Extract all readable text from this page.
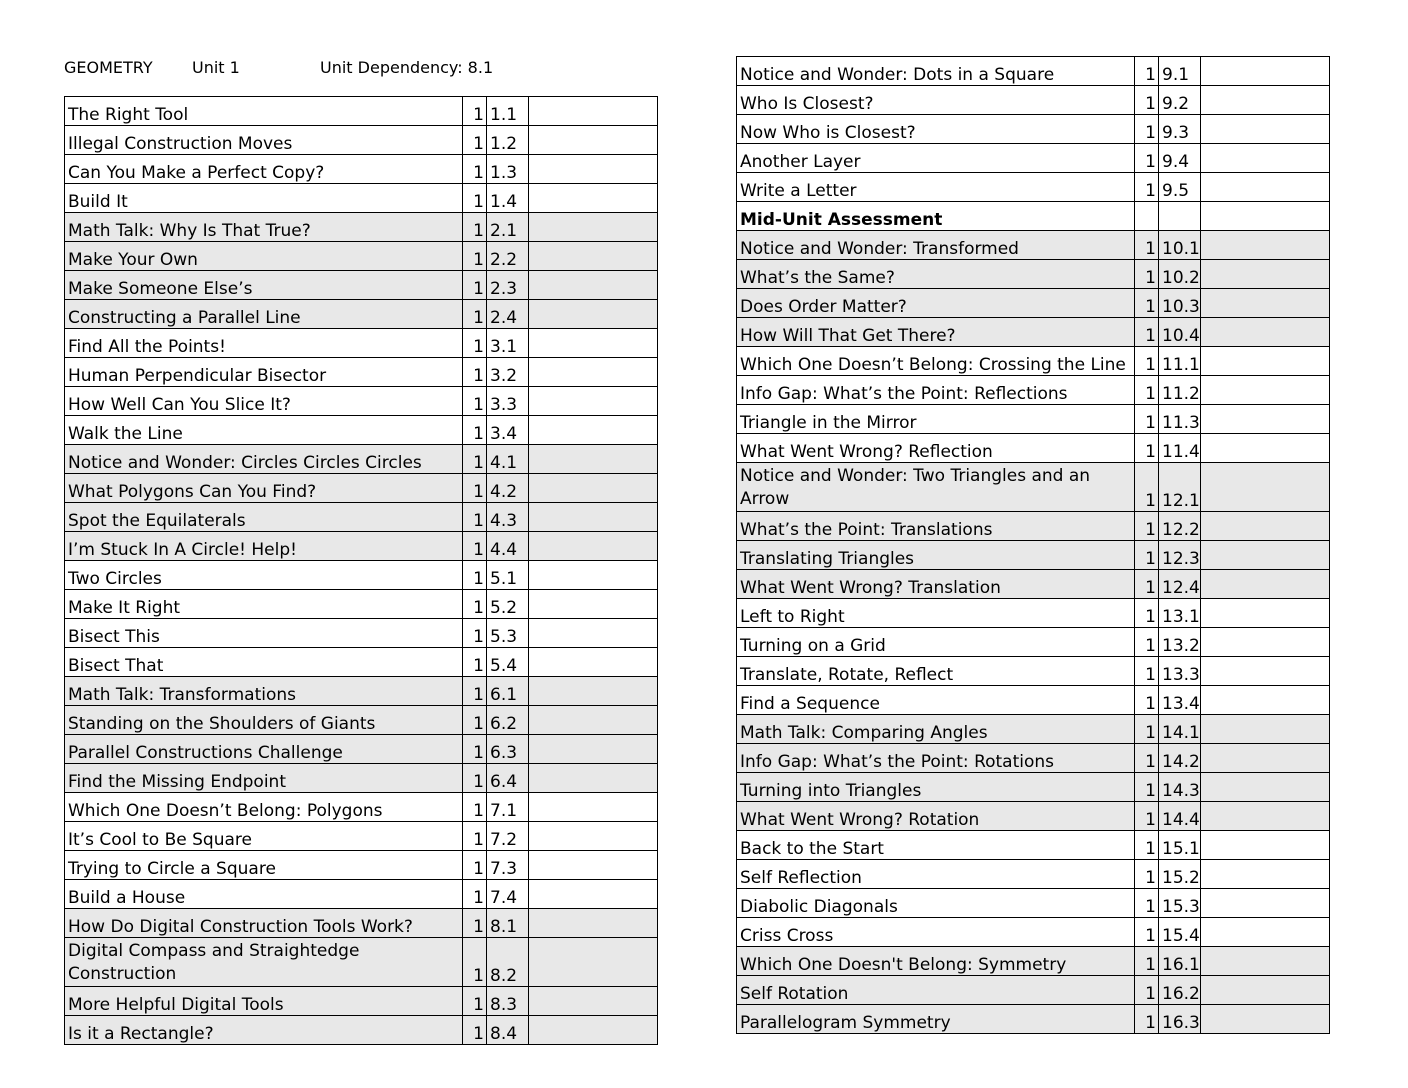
GEOMETRY Unit 1	Unit Dependency: 8.1
The Right Tool	1	1.1	
Illegal Construction Moves	1	1.2	
Can You Make a Perfect Copy?	1	1.3	
Build It	1	1.4	
Math Talk: Why Is That True?	1	2.1	
Make Your Own	1	2.2	
Make Someone Else’s	1	2.3	
Constructing a Parallel Line	1	2.4	
Find All the Points!	1	3.1	
Human Perpendicular Bisector	1	3.2	
How Well Can You Slice It?	1	3.3	
Walk the Line	1	3.4	
Notice and Wonder: Circles Circles Circles	1	4.1	
What Polygons Can You Find?	1	4.2	
Spot the Equilaterals	1	4.3	
I’m Stuck In A Circle! Help!	1	4.4	
Two Circles	1	5.1	
Make It Right	1	5.2	
Bisect This	1	5.3	
Bisect That	1	5.4	
Math Talk: Transformations	1	6.1	
Standing on the Shoulders of Giants	1	6.2	
Parallel Constructions Challenge	1	6.3	
Find the Missing Endpoint	1	6.4	
Which One Doesn’t Belong: Polygons	1	7.1	
It’s Cool to Be Square	1	7.2	
Trying to Circle a Square	1	7.3	
Build a House	1	7.4	
How Do Digital Construction Tools Work?	1	8.1	
Digital Compass and Straightedge Construction	1	8.2	
More Helpful Digital Tools	1	8.3	
Is it a Rectangle?	1	8.4	
Notice and Wonder: Dots in a Square	1	9.1	
Who Is Closest?	1	9.2	
Now Who is Closest?	1	9.3	
Another Layer	1	9.4	
Write a Letter	1	9.5	
Mid-Unit Assessment			
Notice and Wonder: Transformed	1	10.1	
What’s the Same?	1	10.2	
Does Order Matter?	1	10.3	
How Will That Get There?	1	10.4	
Which One Doesn’t Belong: Crossing the Line	1	11.1	
Info Gap: What’s the Point: Reflections	1	11.2	
Triangle in the Mirror	1	11.3	
What Went Wrong? Reflection	1	11.4	
Notice and Wonder: Two Triangles and an Arrow	1	12.1	
What’s the Point: Translations	1	12.2	
Translating Triangles	1	12.3	
What Went Wrong? Translation	1	12.4	
Left to Right	1	13.1	
Turning on a Grid	1	13.2	
Translate, Rotate, Reflect	1	13.3	
Find a Sequence	1	13.4	
Math Talk: Comparing Angles	1	14.1	
Info Gap: What’s the Point: Rotations	1	14.2	
Turning into Triangles	1	14.3	
What Went Wrong? Rotation	1	14.4	
Back to the Start	1	15.1	
Self Reflection	1	15.2	
Diabolic Diagonals	1	15.3	
Criss Cross	1	15.4	
Which One Doesn't Belong: Symmetry	1	16.1	
Self Rotation	1	16.2	
Parallelogram Symmetry	1	16.3	
